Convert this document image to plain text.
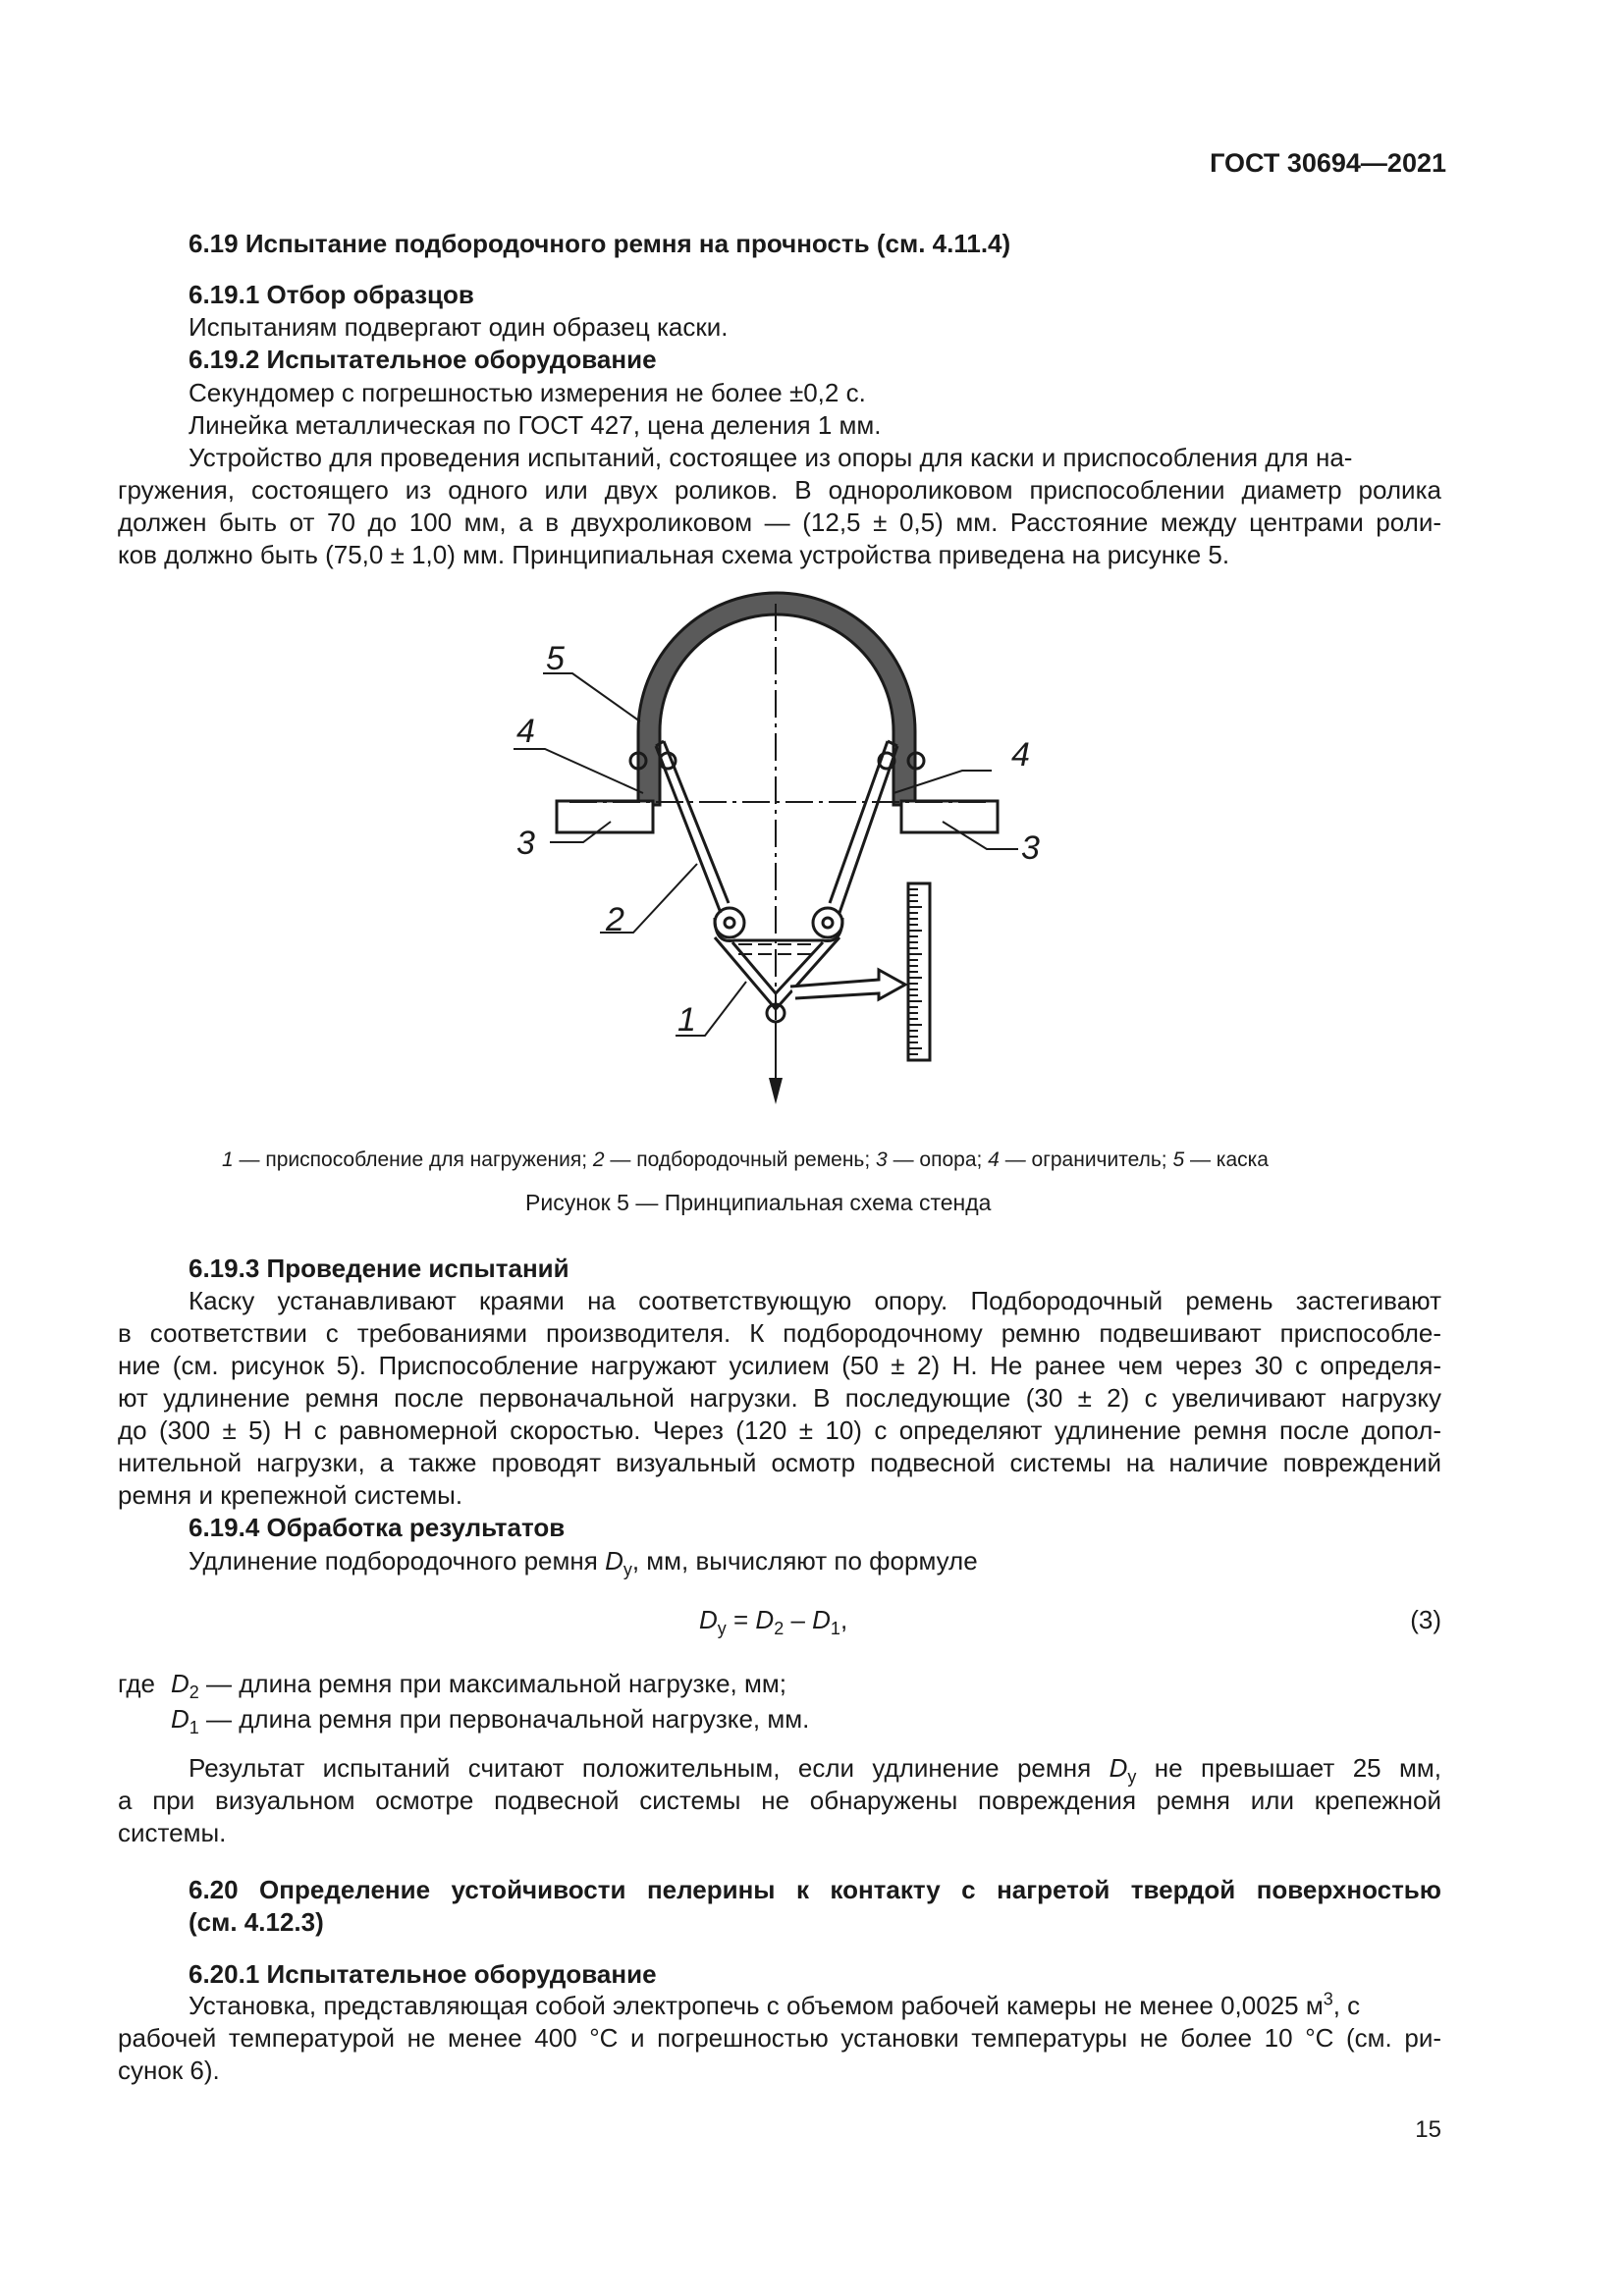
ГОСТ 30694—2021
6.19 Испытание подбородочного ремня на прочность (см. 4.11.4)
6.19.1 Отбор образцов
Испытаниям подвергают один образец каски.
6.19.2 Испытательное оборудование
Секундомер с погрешностью измерения не более ±0,2 с.
Линейка металлическая по ГОСТ 427, цена деления 1 мм.
Устройство для проведения испытаний, состоящее из опоры для каски и приспособления для на-
гружения, состоящего из одного или двух роликов. В однороликовом приспособлении диаметр ролика
должен быть от 70 до 100 мм, а в двухроликовом — (12,5 ± 0,5) мм. Расстояние между центрами роли-
ков должно быть (75,0 ± 1,0) мм. Принципиальная схема устройства приведена на рисунке 5.
5
4
4
3	3
2
1
1 — приспособление для нагружения; 2 — подбородочный ремень; 3 — опора; 4 — ограничитель; 5 — каска
Рисунок 5 — Принципиальная схема стенда
6.19.3 Проведение испытаний
Каску устанавливают краями на соответствующую опору. Подбородочный ремень застегивают
в соответствии с требованиями производителя. К подбородочному ремню подвешивают приспособле-
ние (см. рисунок 5). Приспособление нагружают усилием (50 ± 2) Н. Не ранее чем через 30 с определя-
ют удлинение ремня после первоначальной нагрузки. В последующие (30 ± 2) с увеличивают нагрузку
до (300 ± 5) Н с равномерной скоростью. Через (120 ± 10) с определяют удлинение ремня после допол-
нительной нагрузки, а также проводят визуальный осмотр подвесной системы на наличие повреждений
ремня и крепежной системы.
6.19.4 Обработка результатов
Удлинение подбородочного ремня $D_у$, мм, вычисляют по формуле
$D_у = D_2 - D_1$,	(3)
где $D_2$ — длина ремня при максимальной нагрузке, мм;
$D_1$ — длина ремня при первоначальной нагрузке, мм.
Результат испытаний считают положительным, если удлинение ремня $D_у$ не превышает 25 мм,
а при визуальном осмотре подвесной системы не обнаружены повреждения ремня или крепежной
системы.
6.20 Определение устойчивости пелерины к контакту с нагретой твердой поверхностью
(см. 4.12.3)
6.20.1 Испытательное оборудование
Установка, представляющая собой электропечь с объемом рабочей камеры не менее 0,0025 $м^3$, с
рабочей температурой не менее 400 °С и погрешностью установки температуры не более 10 °С (см. ри-
сунок 6).
15
